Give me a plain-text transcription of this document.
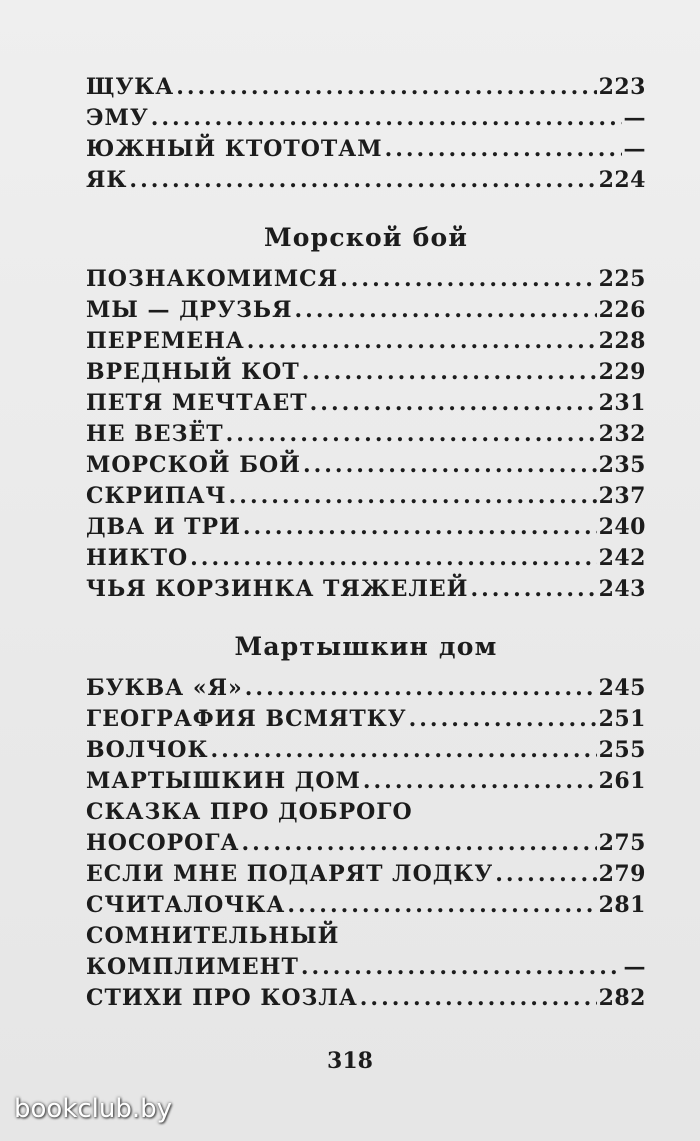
ЩУКА .....	223
ЭМУ .....	—
ЮЖНЫЙ КТОТОТАМ .....	—
ЯК .....	224
Морской бой
ПОЗНАКОМИМСЯ .....	225
МЫ — ДРУЗЬЯ .....	226
ПЕРЕМЕНА .....	228
ВРЕДНЫЙ КОТ .....	229
ПЕТЯ МЕЧТАЕТ .....	231
НЕ ВЕЗЁТ .....	232
МОРСКОЙ БОЙ .....	235
СКРИПАЧ .....	237
ДВА И ТРИ .....	240
НИКТО .....	242
ЧЬЯ КОРЗИНКА ТЯЖЕЛЕЙ .....	243
Мартышкин дом
БУКВА «Я» .....	245
ГЕОГРАФИЯ ВСМЯТКУ .....	251
ВОЛЧОК .....	255
МАРТЫШКИН ДОМ .....	261
СКАЗКА ПРО ДОБРОГО
НОСОРОГА .....	275
ЕСЛИ МНЕ ПОДАРЯТ ЛОДКУ .....	279
СЧИТАЛОЧКА .....	281
СОМНИТЕЛЬНЫЙ
КОМПЛИМЕНТ .....	—
СТИХИ ПРО КОЗЛА .....	282
318
bookclub.by
